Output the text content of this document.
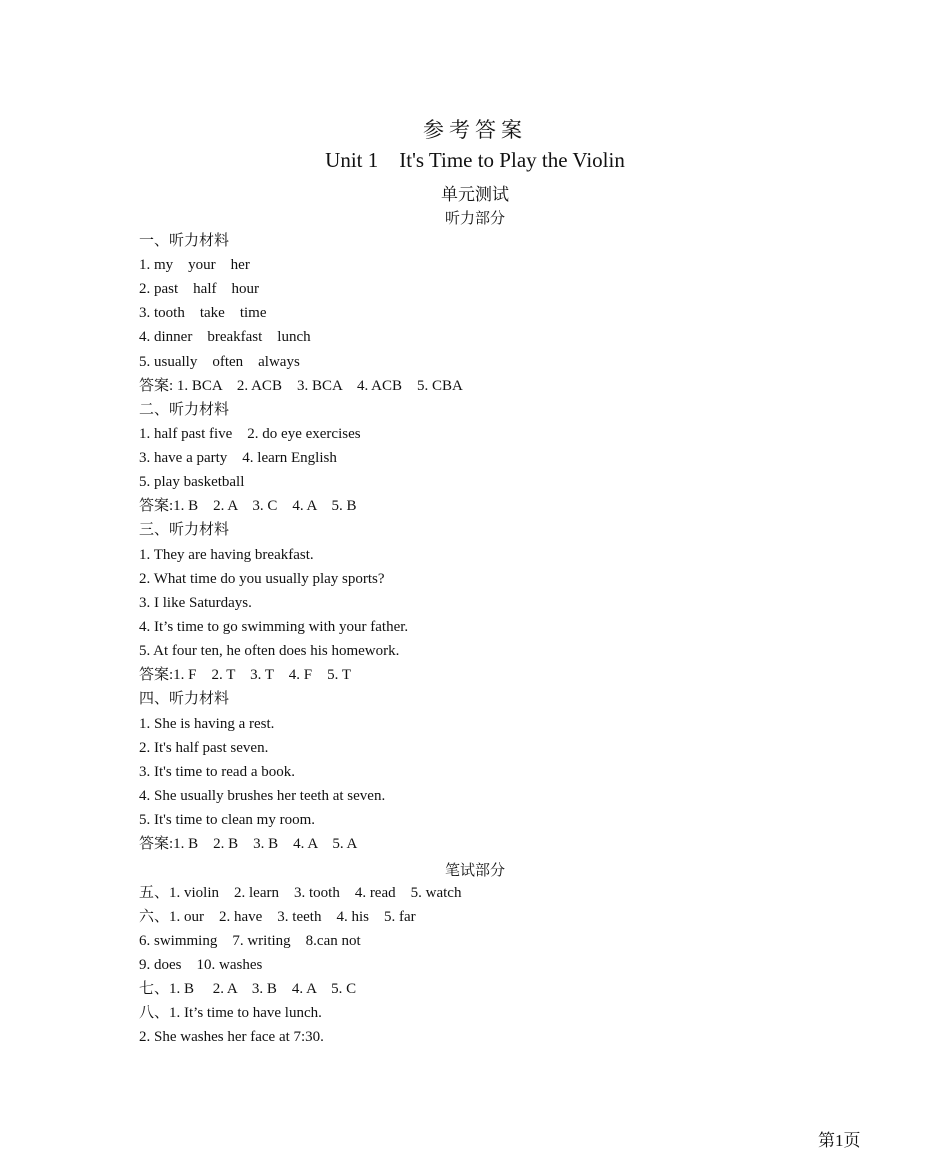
参考答案
Unit 1    It's Time to Play the Violin
单元测试
听力部分
一、听力材料
1. my    your    her
2. past    half    hour
3. tooth    take    time
4. dinner    breakfast    lunch
5. usually    often    always
答案: 1. BCA    2. ACB    3. BCA    4. ACB    5. CBA
二、听力材料
1. half past five    2. do eye exercises
3. have a party    4. learn English
5. play basketball
答案:1. B    2. A    3. C    4. A    5. B
三、听力材料
1. They are having breakfast.
2. What time do you usually play sports?
3. I like Saturdays.
4. It’s time to go swimming with your father.
5. At four ten, he often does his homework.
答案:1. F    2. T    3. T    4. F    5. T
四、听力材料
1. She is having a rest.
2. It's half past seven.
3. It's time to read a book.
4. She usually brushes her teeth at seven.
5. It's time to clean my room.
答案:1. B    2. B    3. B    4. A    5. A
笔试部分
五、1. violin    2. learn    3. tooth    4. read    5. watch
六、1. our    2. have    3. teeth    4. his    5. far
6. swimming    7. writing    8.can not
9. does    10. washes
七、1. B     2. A    3. B    4. A    5. C
八、1. It’s time to have lunch.
2. She washes her face at 7:30.
第1页
